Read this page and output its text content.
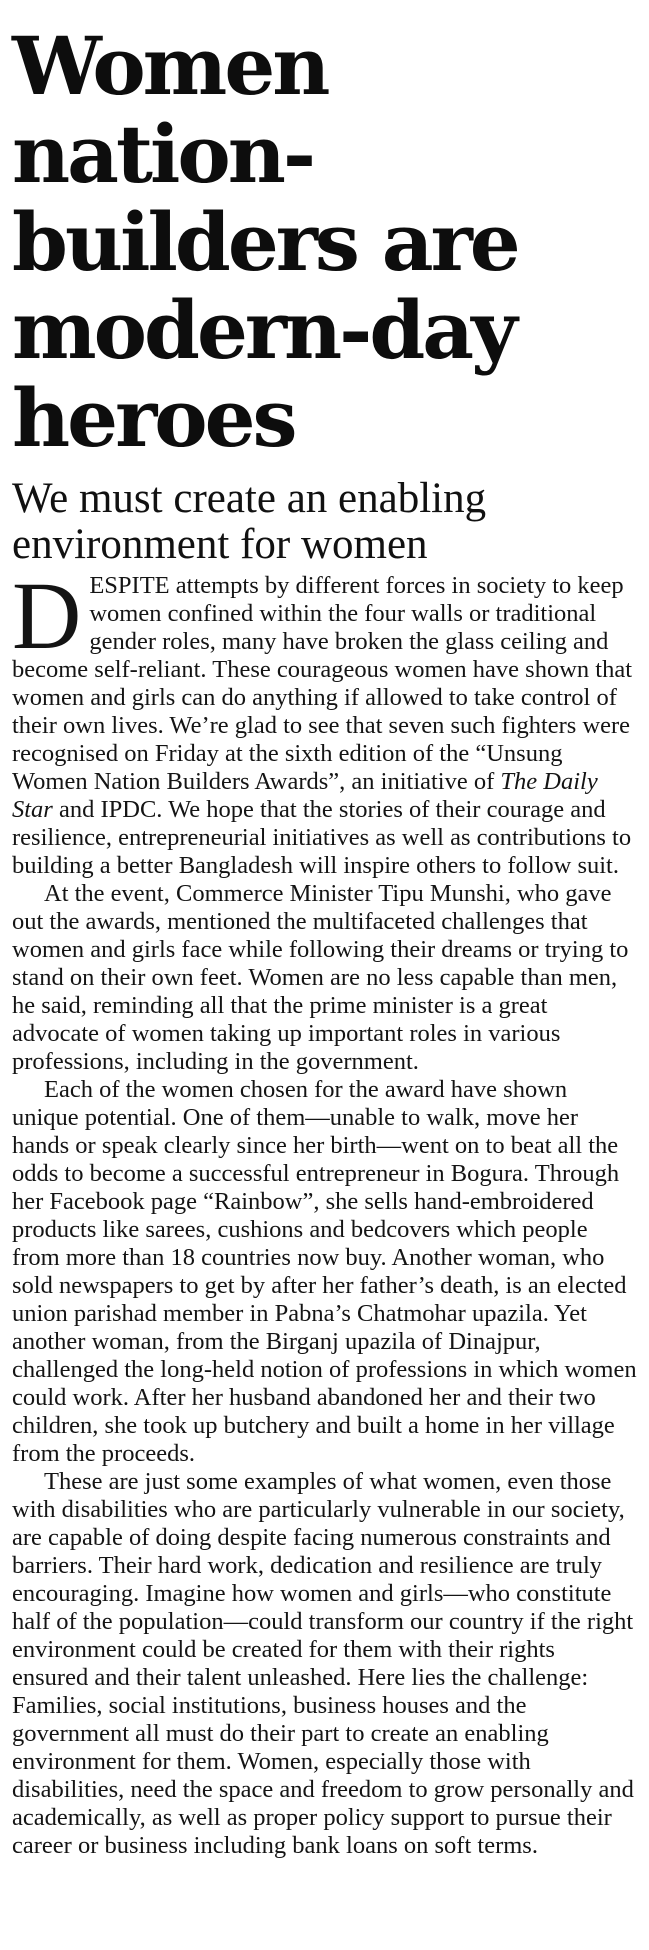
Women nation-builders are modern-day heroes
We must create an enabling environment for women

DESPITE attempts by different forces in society to keep women confined within the four walls or traditional gender roles, many have broken the glass ceiling and become self-reliant. These courageous women have shown that women and girls can do anything if allowed to take control of their own lives. We’re glad to see that seven such fighters were recognised on Friday at the sixth edition of the “Unsung Women Nation Builders Awards”, an initiative of The Daily Star and IPDC. We hope that the stories of their courage and resilience, entrepreneurial initiatives as well as contributions to building a better Bangladesh will inspire others to follow suit.

At the event, Commerce Minister Tipu Munshi, who gave out the awards, mentioned the multifaceted challenges that women and girls face while following their dreams or trying to stand on their own feet. Women are no less capable than men, he said, reminding all that the prime minister is a great advocate of women taking up important roles in various professions, including in the government.

Each of the women chosen for the award have shown unique potential. One of them—unable to walk, move her hands or speak clearly since her birth—went on to beat all the odds to become a successful entrepreneur in Bogura. Through her Facebook page “Rainbow”, she sells hand-embroidered products like sarees, cushions and bedcovers which people from more than 18 countries now buy. Another woman, who sold newspapers to get by after her father’s death, is an elected union parishad member in Pabna’s Chatmohar upazila. Yet another woman, from the Birganj upazila of Dinajpur, challenged the long-held notion of professions in which women could work. After her husband abandoned her and their two children, she took up butchery and built a home in her village from the proceeds.

These are just some examples of what women, even those with disabilities who are particularly vulnerable in our society, are capable of doing despite facing numerous constraints and barriers. Their hard work, dedication and resilience are truly encouraging. Imagine how women and girls—who constitute half of the population—could transform our country if the right environment could be created for them with their rights ensured and their talent unleashed. Here lies the challenge: Families, social institutions, business houses and the government all must do their part to create an enabling environment for them. Women, especially those with disabilities, need the space and freedom to grow personally and academically, as well as proper policy support to pursue their career or business including bank loans on soft terms.
